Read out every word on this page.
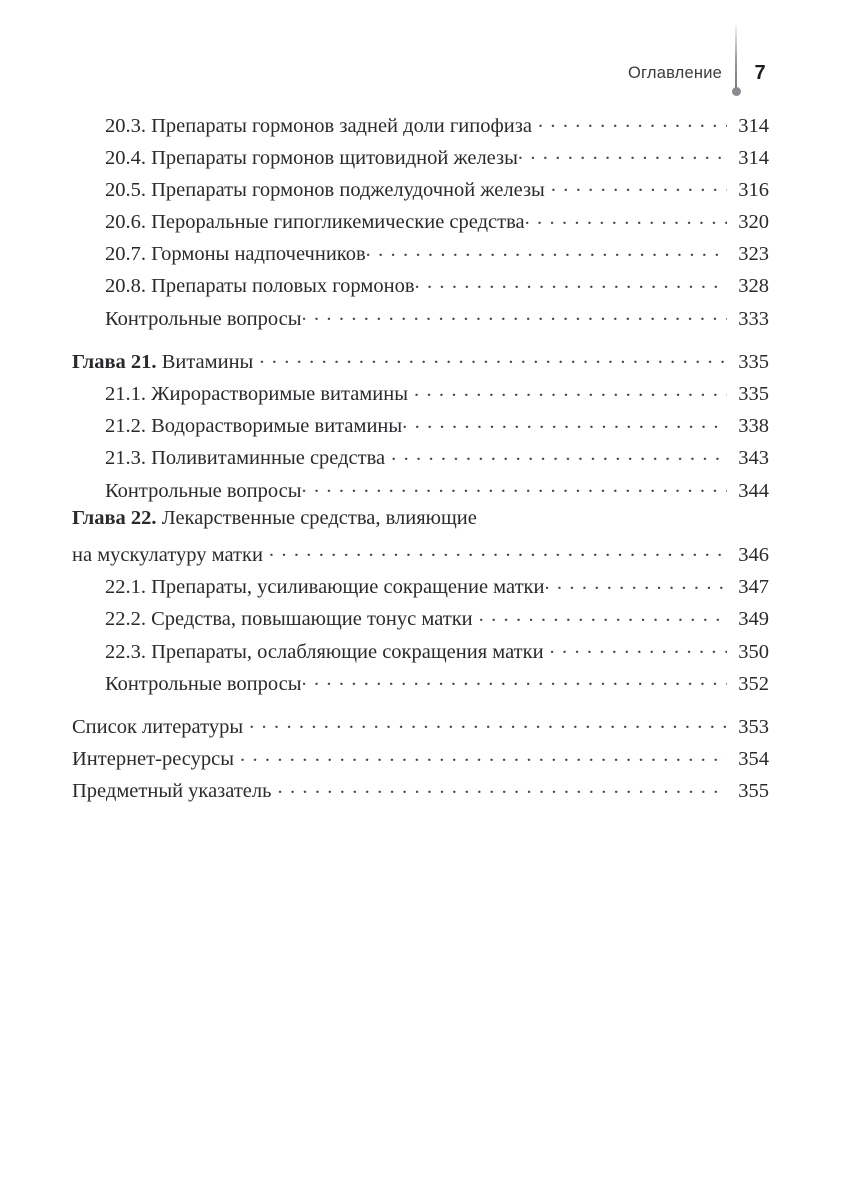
Оглавление 7
20.3. Препараты гормонов задней доли гипофиза . . .	314
20.4. Препараты гормонов щитовидной железы . . .	314
20.5. Препараты гормонов поджелудочной железы . . .	316
20.6. Пероральные гипогликемические средства . . .	320
20.7. Гормоны надпочечников . . .	323
20.8. Препараты половых гормонов . . .	328
Контрольные вопросы . . .	333
Глава 21. Витамины . . .	335
21.1. Жирорастворимые витамины . . .	335
21.2. Водорастворимые витамины . . .	338
21.3. Поливитаминные средства . . .	343
Контрольные вопросы . . .	344
Глава 22. Лекарственные средства, влияющие
на мускулатуру матки . . .	346
22.1. Препараты, усиливающие сокращение матки . . .	347
22.2. Средства, повышающие тонус матки . . .	349
22.3. Препараты, ослабляющие сокращения матки . . .	350
Контрольные вопросы . . .	352
Список литературы . . .	353
Интернет-ресурсы . . .	354
Предметный указатель . . .	355
